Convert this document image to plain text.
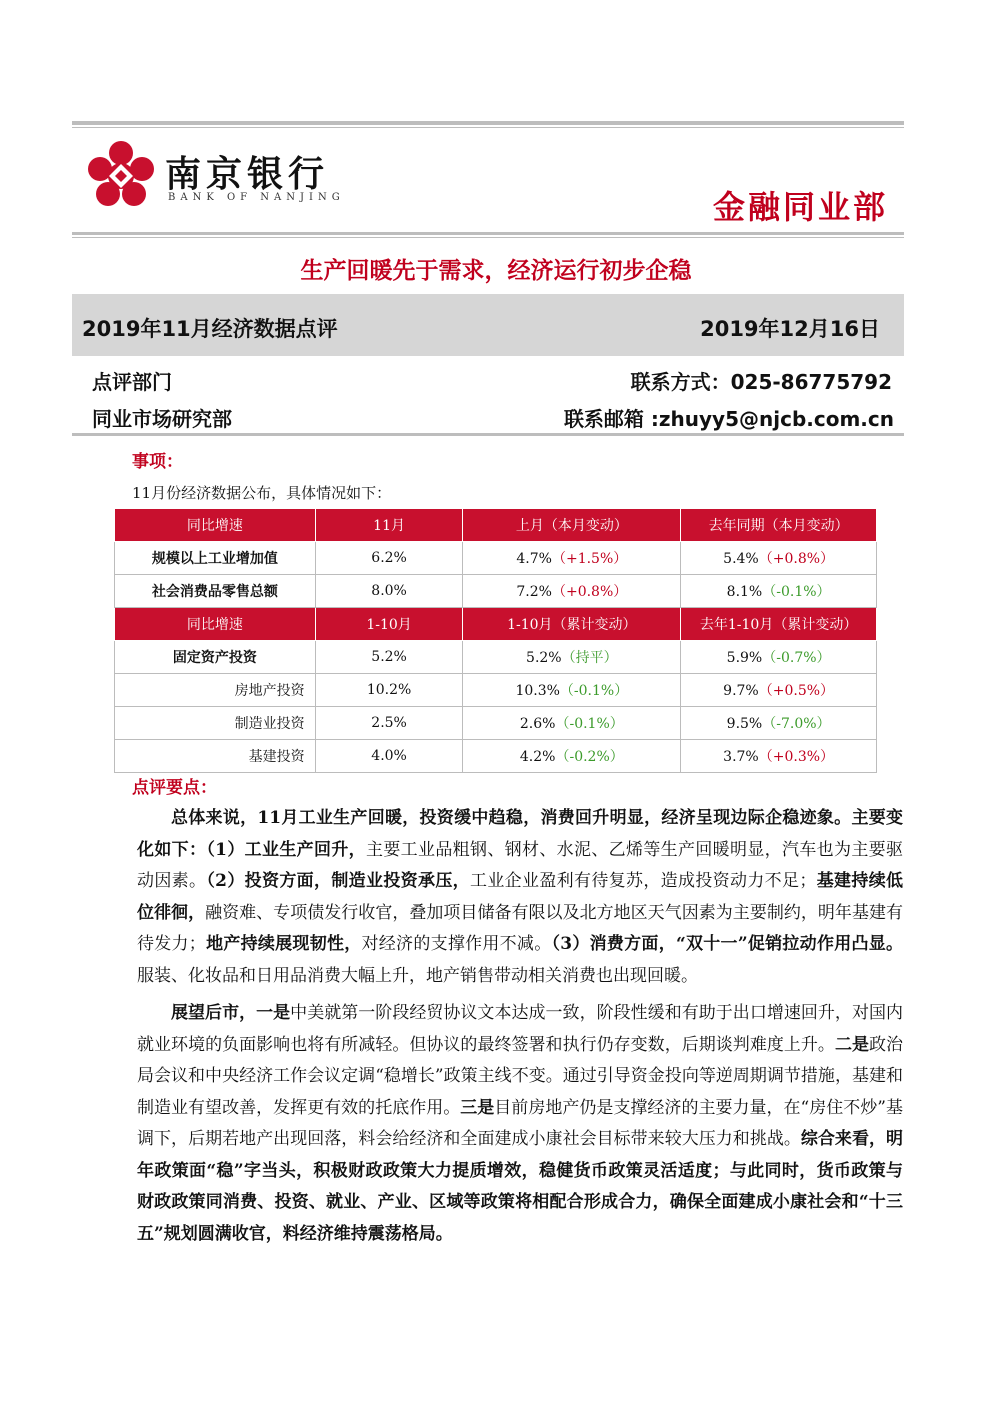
南京银行
BANK OF NANJING	金融同业部
生产回暖先于需求，经济运行初步企稳
2019年11月经济数据点评	2019年12月16日
点评部门
同业市场研究部
联系方式：025-86775792
联系邮箱 :zhuyy5@njcb.com.cn
事项：
11月份经济数据公布，具体情况如下：
同比增速	11月	上月（本月变动）	去年同期（本月变动）
规模以上工业增加值	6.2%	4.7%（+1.5%）	5.4%（+0.8%）
社会消费品零售总额	8.0%	7.2%（+0.8%）	8.1%（-0.1%）
同比增速	1-10月	1-10月（累计变动）	去年1-10月（累计变动）
固定资产投资	5.2%	5.2%（持平）	5.9%（-0.7%）
房地产投资	10.2%	10.3%（-0.1%）	9.7%（+0.5%）
制造业投资	2.5%	2.6%（-0.1%）	9.5%（-7.0%）
基建投资	4.0%	4.2%（-0.2%）	3.7%（+0.3%）
点评要点：

总体来说，11月工业生产回暖，投资缓中趋稳，消费回升明显，经济呈现边际企稳迹象。主要变化如下：（1）工业生产回升，主要工业品粗钢、钢材、水泥、乙烯等生产回暖明显，汽车也为主要驱动因素。（2）投资方面，制造业投资承压，工业企业盈利有待复苏，造成投资动力不足；基建持续低位徘徊，融资难、专项债发行收官，叠加项目储备有限以及北方地区天气因素为主要制约，明年基建有待发力；地产持续展现韧性，对经济的支撑作用不减。（3）消费方面，“双十一”促销拉动作用凸显。服装、化妆品和日用品消费大幅上升，地产销售带动相关消费也出现回暖。

展望后市，一是中美就第一阶段经贸协议文本达成一致，阶段性缓和有助于出口增速回升，对国内就业环境的负面影响也将有所减轻。但协议的最终签署和执行仍存变数，后期谈判难度上升。二是政治局会议和中央经济工作会议定调“稳增长”政策主线不变。通过引导资金投向等逆周期调节措施，基建和制造业有望改善，发挥更有效的托底作用。三是目前房地产仍是支撑经济的主要力量，在“房住不炒”基调下，后期若地产出现回落，料会给经济和全面建成小康社会目标带来较大压力和挑战。综合来看，明年政策面“稳”字当头，积极财政政策大力提质增效，稳健货币政策灵活适度；与此同时，货币政策与财政政策同消费、投资、就业、产业、区域等政策将相配合形成合力，确保全面建成小康社会和“十三五”规划圆满收官，料经济维持震荡格局。
